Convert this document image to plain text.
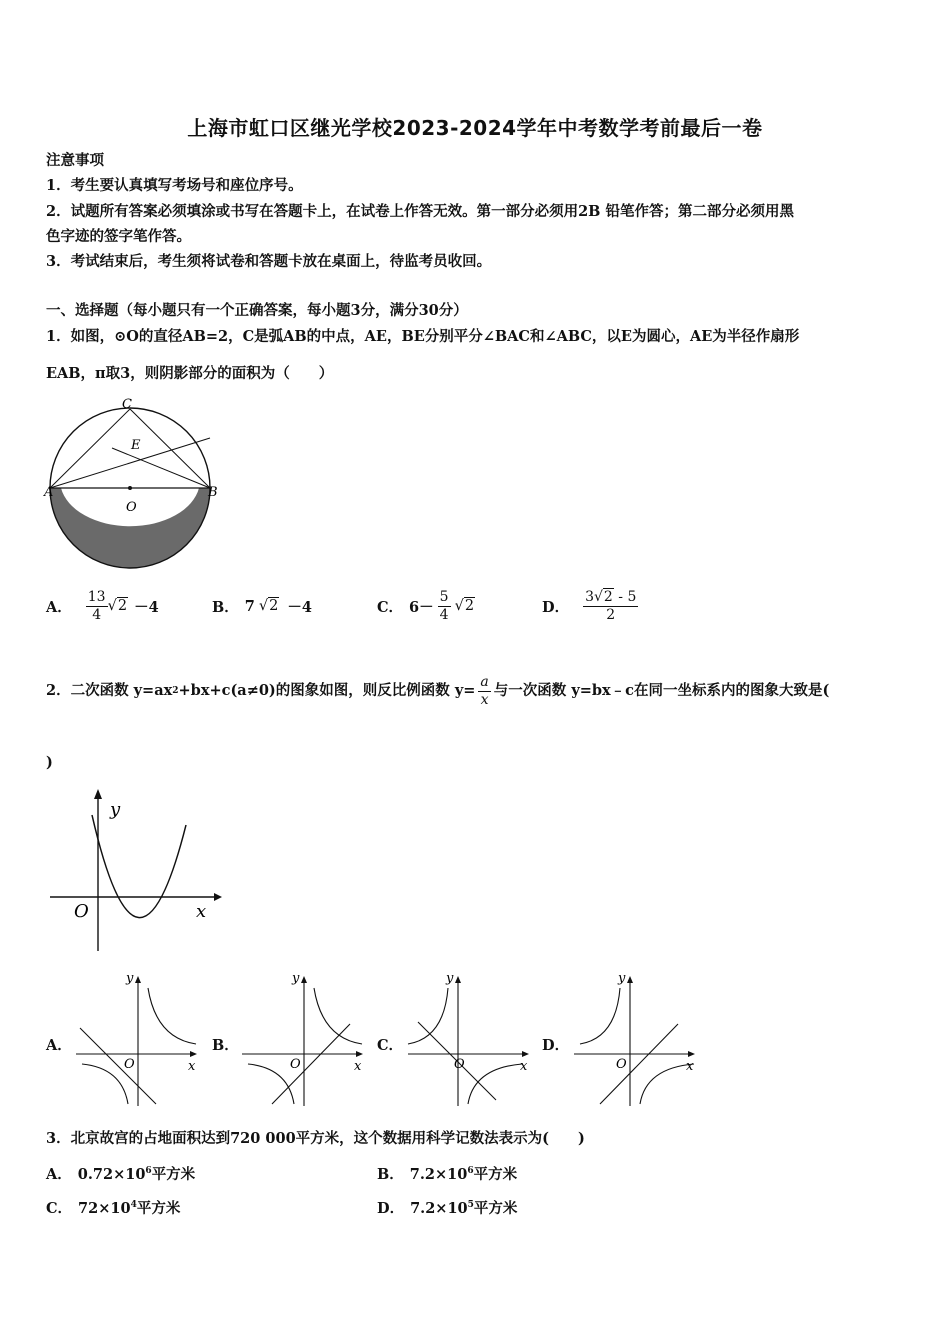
上海市虹口区继光学校2023-2024学年中考数学考前最后一卷
注意事项
1．考生要认真填写考场号和座位序号。
2．试题所有答案必须填涂或书写在答题卡上，在试卷上作答无效。第一部分必须用2B 铅笔作答；第二部分必须用黑
色字迹的签字笔作答。
3．考试结束后，考生须将试卷和答题卡放在桌面上，待监考员收回。
一、选择题（每小题只有一个正确答案，每小题3分，满分30分）
1．如图，⊙O的直径AB=2，C是弧AB的中点，AE，BE分别平分∠BAC和∠ABC，以E为圆心，AE为半径作扇形
EAB，π取3，则阴影部分的面积为（　　）
C
E
A	B
O
A． $\frac{13}{4} √2 -4$	B． 7 √2 －4	C． $6- \frac{5}{4} √2$	D． $\frac{3√2 - 5}{2}$
2．二次函数 y=ax 2 +bx+c(a≠0)的图象如图，则反比例函数 $y= \frac{a}{x}$ 与一次函数 y=bx﹣c在同一坐标系内的图象大致是(
)
y
x
O
A．	B．	C．	D．
y
x
O
y
x
O
y
x
O
y
x
O
3．北京故宫的占地面积达到720 000平方米，这个数据用科学记数法表示为(　　)
A． $0.72\times 10^6$平方米	B． $7.2\times 10^6$平方米
C． $72\times 10^4$平方米	D． $7.2\times 10^5$平方米
